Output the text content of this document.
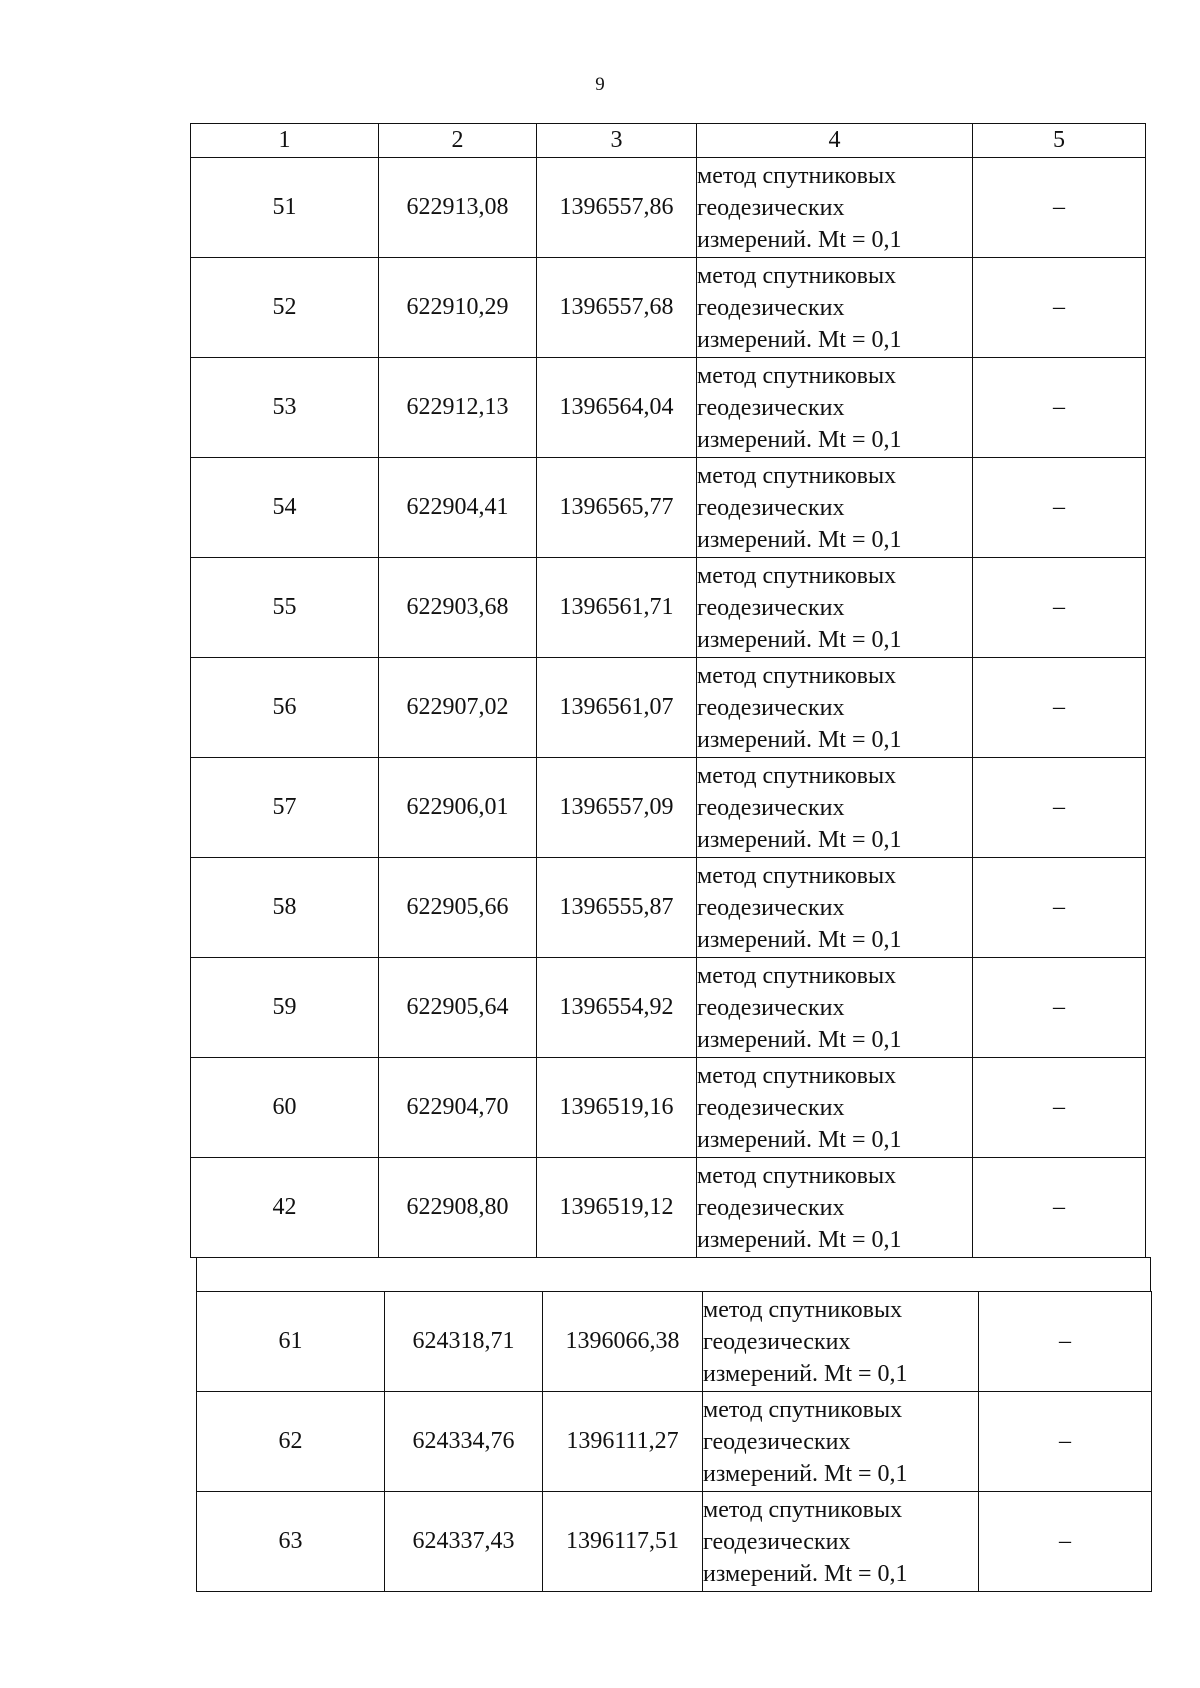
9
1	2	3	4	5
51	622913,08	1396557,86	метод спутниковых
геодезических
измерений. Mt = 0,1	–
52	622910,29	1396557,68	метод спутниковых
геодезических
измерений. Mt = 0,1	–
53	622912,13	1396564,04	метод спутниковых
геодезических
измерений. Mt = 0,1	–
54	622904,41	1396565,77	метод спутниковых
геодезических
измерений. Mt = 0,1	–
55	622903,68	1396561,71	метод спутниковых
геодезических
измерений. Mt = 0,1	–
56	622907,02	1396561,07	метод спутниковых
геодезических
измерений. Mt = 0,1	–
57	622906,01	1396557,09	метод спутниковых
геодезических
измерений. Mt = 0,1	–
58	622905,66	1396555,87	метод спутниковых
геодезических
измерений. Mt = 0,1	–
59	622905,64	1396554,92	метод спутниковых
геодезических
измерений. Mt = 0,1	–
60	622904,70	1396519,16	метод спутниковых
геодезических
измерений. Mt = 0,1	–
42	622908,80	1396519,12	метод спутниковых
геодезических
измерений. Mt = 0,1	–
61	624318,71	1396066,38	метод спутниковых
геодезических
измерений. Mt = 0,1	–
62	624334,76	1396111,27	метод спутниковых
геодезических
измерений. Mt = 0,1	–
63	624337,43	1396117,51	метод спутниковых
геодезических
измерений. Mt = 0,1	–
